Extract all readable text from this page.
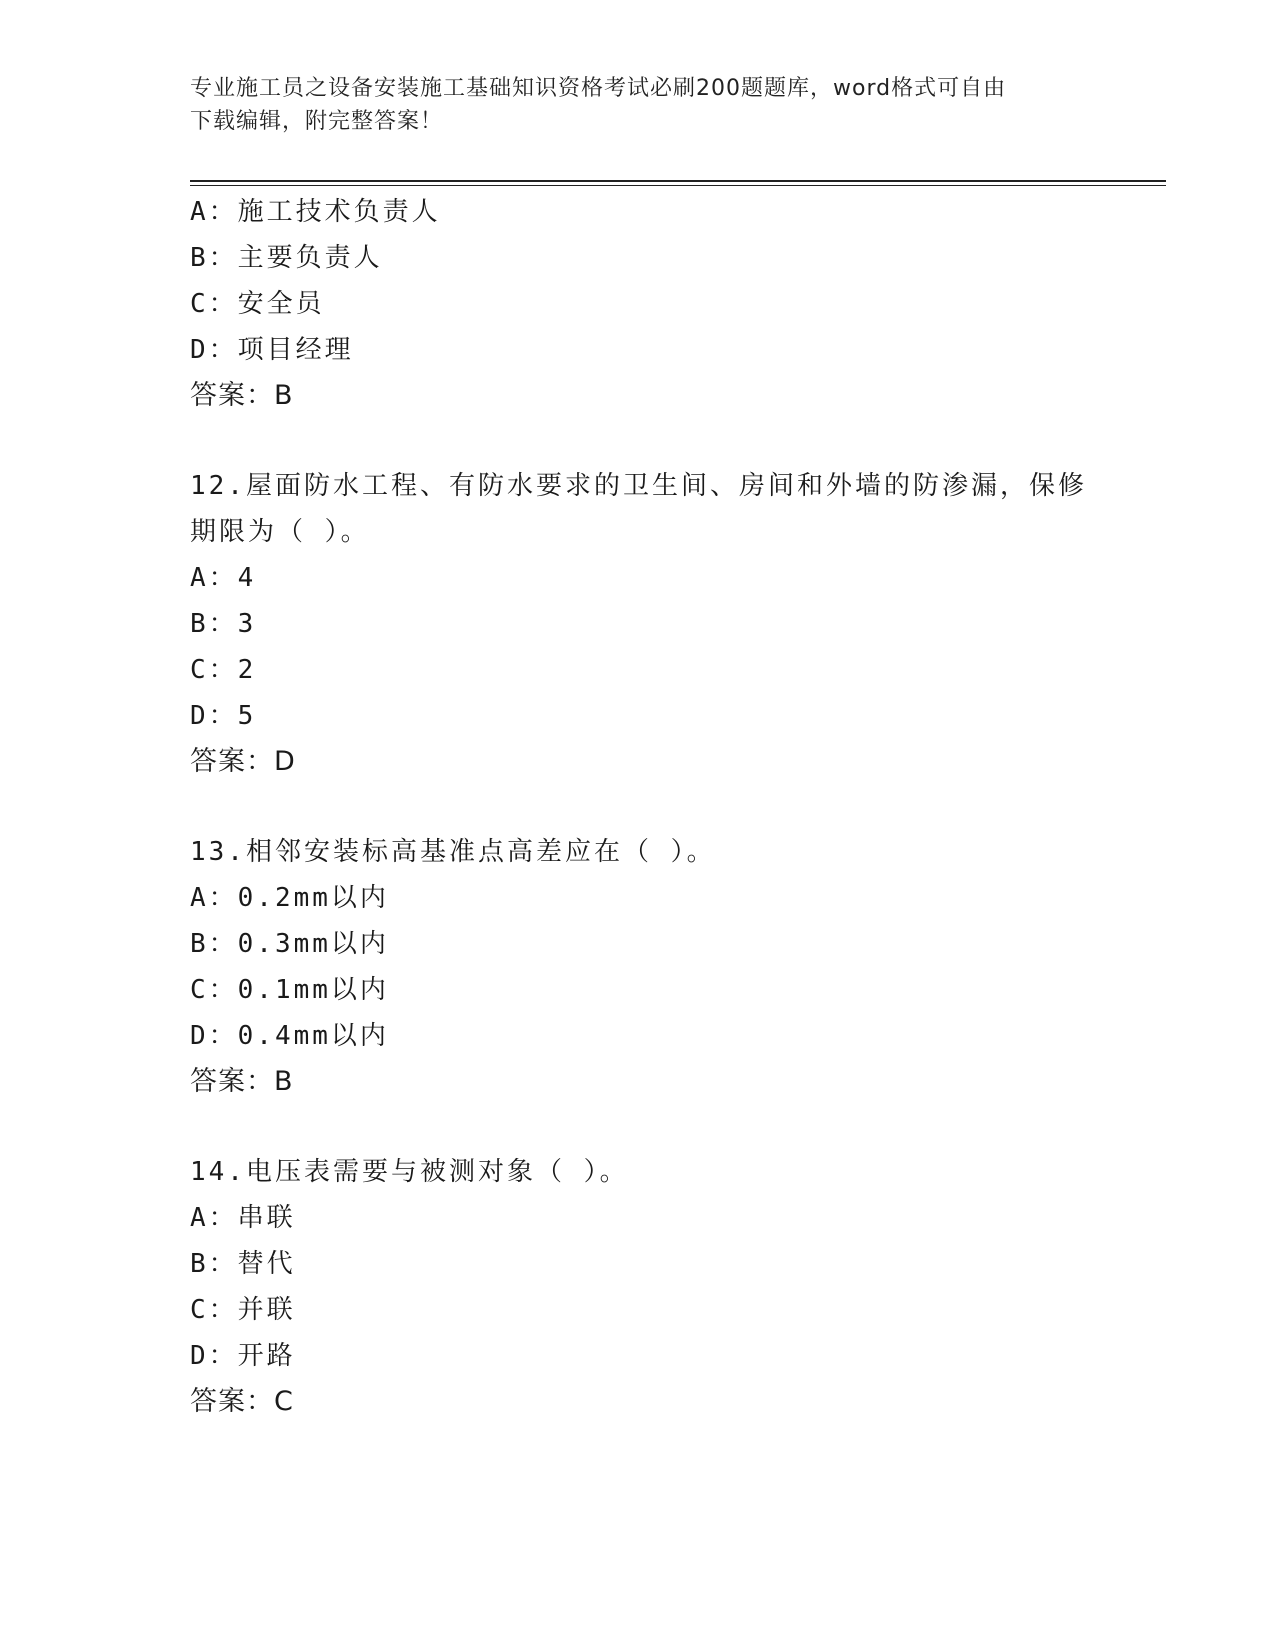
专业施工员之设备安装施工基础知识资格考试必刷200题题库，word格式可自由
下载编辑，附完整答案！
A：施工技术负责人
B：主要负责人
C：安全员
D：项目经理
答案：B
12.屋面防水工程、有防水要求的卫生间、房间和外墙的防渗漏，保修期限为（ ）。
A：4
B：3
C：2
D：5
答案：D
13.相邻安装标高基准点高差应在（ ）。
A：0.2mm以内
B：0.3mm以内
C：0.1mm以内
D：0.4mm以内
答案：B
14.电压表需要与被测对象（ ）。
A：串联
B：替代
C：并联
D：开路
答案：C
